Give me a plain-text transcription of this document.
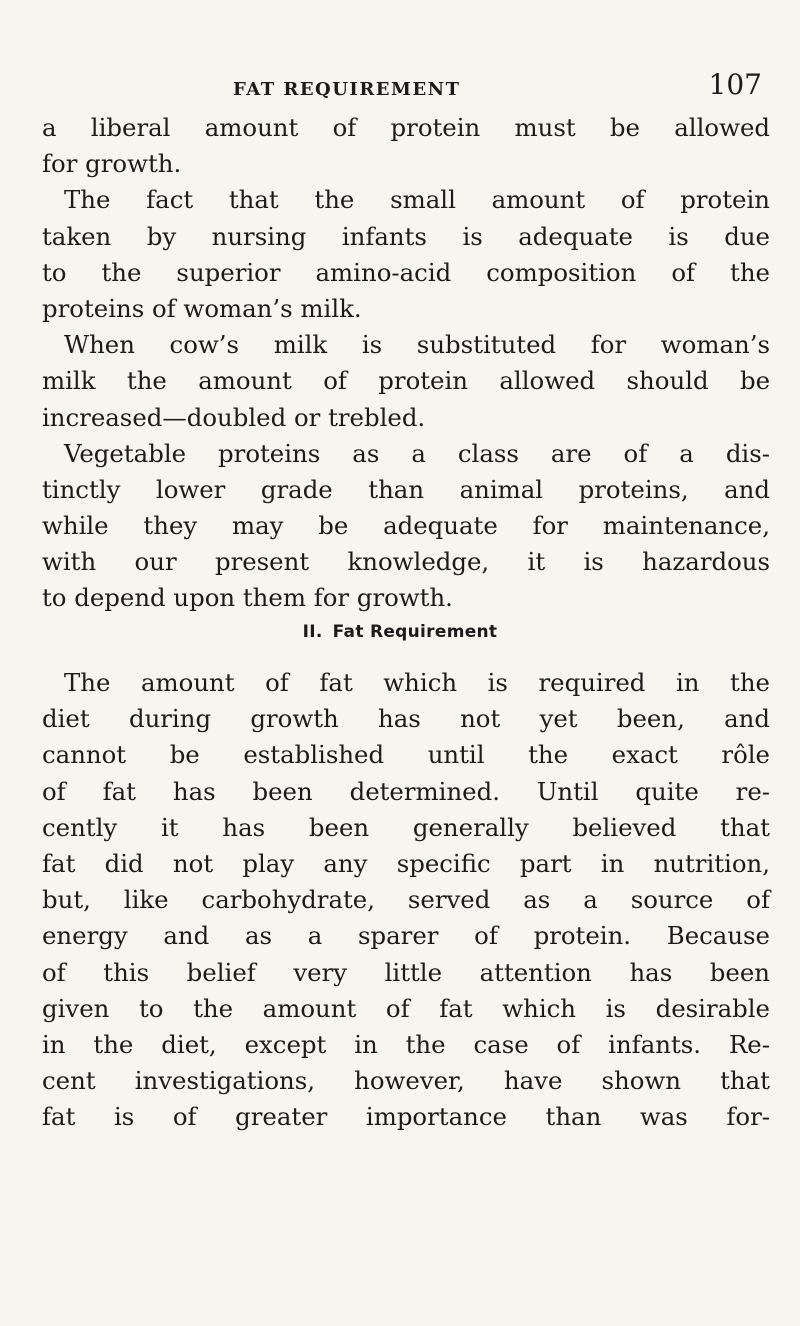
FAT REQUIREMENT	107
a liberal amount of protein must be allowed
for growth.
The fact that the small amount of protein
taken by nursing infants is adequate is due
to the superior amino-acid composition of the
proteins of woman’s milk.
When cow’s milk is substituted for woman’s
milk the amount of protein allowed should be
increased—doubled or trebled.
Vegetable proteins as a class are of a dis-
tinctly lower grade than animal proteins, and
while they may be adequate for maintenance,
with our present knowledge, it is hazardous
to depend upon them for growth.
II. Fat Requirement
The amount of fat which is required in the
diet during growth has not yet been, and
cannot be established until the exact rôle
of fat has been determined. Until quite re-
cently it has been generally believed that
fat did not play any specific part in nutrition,
but, like carbohydrate, served as a source of
energy and as a sparer of protein. Because
of this belief very little attention has been
given to the amount of fat which is desirable
in the diet, except in the case of infants. Re-
cent investigations, however, have shown that
fat is of greater importance than was for-
